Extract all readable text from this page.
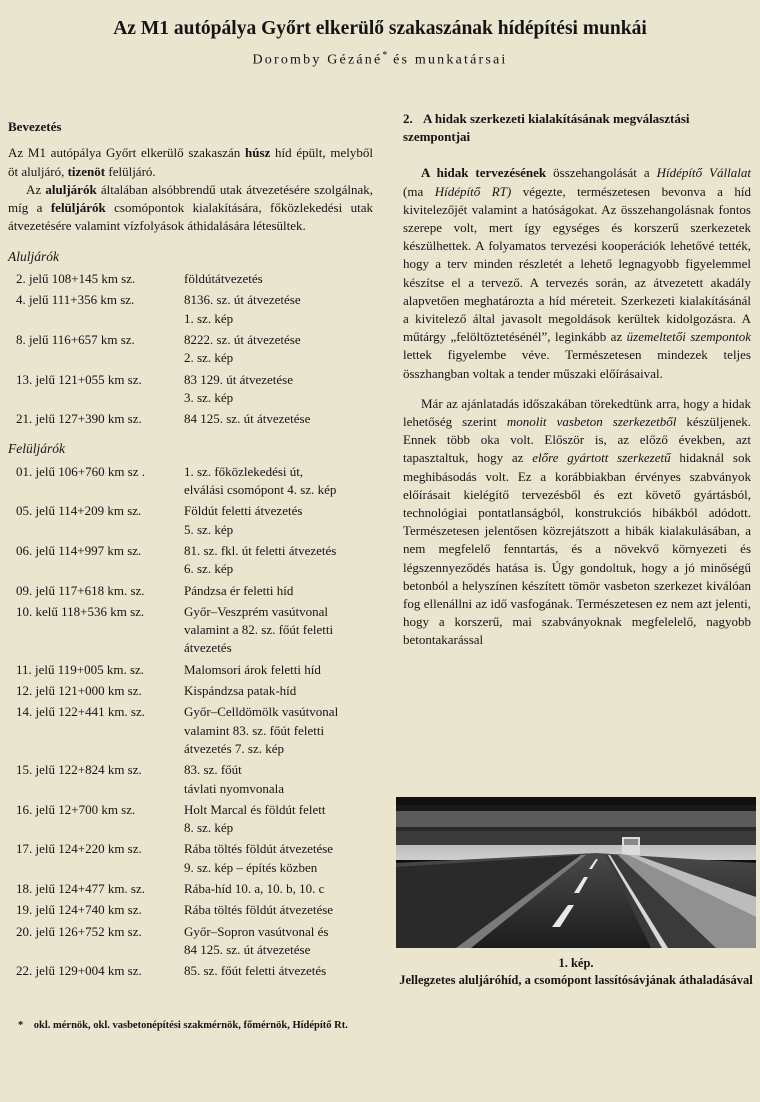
Az M1 autópálya Győrt elkerülő szakaszának hídépítési munkái
Doromby Gézáné* és munkatársai
Bevezetés

Az M1 autópálya Győrt elkerülő szakaszán húsz híd épült, melyből öt aluljáró, tizenöt felüljáró.

Az aluljárók általában alsóbbrendű utak átvezetésére szolgálnak, míg a felüljárók csomópontok kialakítására, főközlekedési utak átvezetésére valamint vízfolyások áthidalására létesültek.

Aluljárók
2. jelű 108+145 km sz.	földútátvezetés
4. jelű 111+356 km sz.	8136. sz. út átvezetése
1. sz. kép
8. jelű 116+657 km sz.	8222. sz. út átvezetése
2. sz. kép
13. jelű 121+055 km sz.	83 129. út átvezetése
3. sz. kép
21. jelű 127+390 km sz.	84 125. sz. út átvezetése
Felüljárók
01. jelű 106+760 km sz .	1. sz. főközlekedési út,
elválási csomópont 4. sz. kép
05. jelű 114+209 km sz.	Földút feletti átvezetés
5. sz. kép
06. jelű 114+997 km sz.	81. sz. fkl. út feletti átvezetés
6. sz. kép
09. jelű 117+618 km. sz.	Pándzsa ér feletti híd
10. kelű 118+536 km sz.	Győr–Veszprém vasútvonal
valamint a 82. sz. főút feletti
átvezetés
11. jelű 119+005 km. sz.	Malomsori árok feletti híd
12. jelű 121+000 km sz.	Kispándzsa patak-híd
14. jelű 122+441 km. sz.	Győr–Celldömölk vasútvonal
valamint 83. sz. főút feletti
átvezetés 7. sz. kép
15. jelű 122+824 km sz.	83. sz. főút
távlati nyomvonala
16. jelű 12+700 km sz.	Holt Marcal és földút felett
8. sz. kép
17. jelű 124+220 km sz.	Rába töltés földút átvezetése
9. sz. kép – építés közben
18. jelű 124+477 km. sz.	Rába-híd 10. a, 10. b, 10. c
19. jelű 124+740 km sz.	Rába töltés földút átvezetése
20. jelű 126+752 km sz.	Győr–Sopron vasútvonal és
84 125. sz. út átvezetése
22. jelű 129+004 km sz.	85. sz. főút feletti átvezetés

2. A hidak szerkezeti kialakításának megválasztási szempontjai

A hidak tervezésének összehangolását a Hídépítő Vállalat (ma Hídépítő RT) végezte, természetesen bevonva a híd kivitelezőjét valamint a hatóságokat. Az összehangolásnak fontos szerepe volt, mert így egységes és korszerű szerkezetek készülhettek. A folyamatos tervezési kooperációk lehetővé tették, hogy a terv minden részletét a lehető legnagyobb figyelemmel készítse el a tervező. A tervezés során, az átvezetett akadály alapvetően meghatározta a híd méreteit. Szerkezeti kialakításánál a kivitelező által javasolt megoldások kerültek kidolgozásra. A műtárgy „felöltöztetésénél”, leginkább az üzemeltetői szempontok lettek figyelembe véve. Természetesen mindezek teljes összhangban voltak a tender műszaki előírásaival.

Már az ajánlatadás időszakában törekedtünk arra, hogy a hidak lehetőség szerint monolit vasbeton szerkezetből készüljenek. Ennek több oka volt. Először is, az előző években, azt tapasztaltuk, hogy az előre gyártott szerkezetű hidaknál sok meghibásodás volt. Ez a korábbiakban érvényes szabványok előírásait kielégítő tervezésből és ezt követő gyártásból, technológiai pontatlanságból, konstrukciós hibákból adódott. Természetesen jelentősen közrejátszott a hibák kialakulásában, a nem megfelelő fenntartás, és a növekvő környezeti és légszennyeződés hatása is. Úgy gondoltuk, hogy a jó minőségű betonból a helyszínen készített tömör vasbeton szerkezet kiválóan fog ellenállni az idő vasfogának. Természetesen ez nem azt jelenti, hogy a korszerű, mai szabványoknak megfelelelő, nagyobb betontakarással

1. kép.
Jellegzetes aluljáróhíd, a csomópont lassítósávjának áthaladásával
* okl. mérnök, okl. vasbetonépítési szakmérnök, főmérnök, Hídépítő Rt.
